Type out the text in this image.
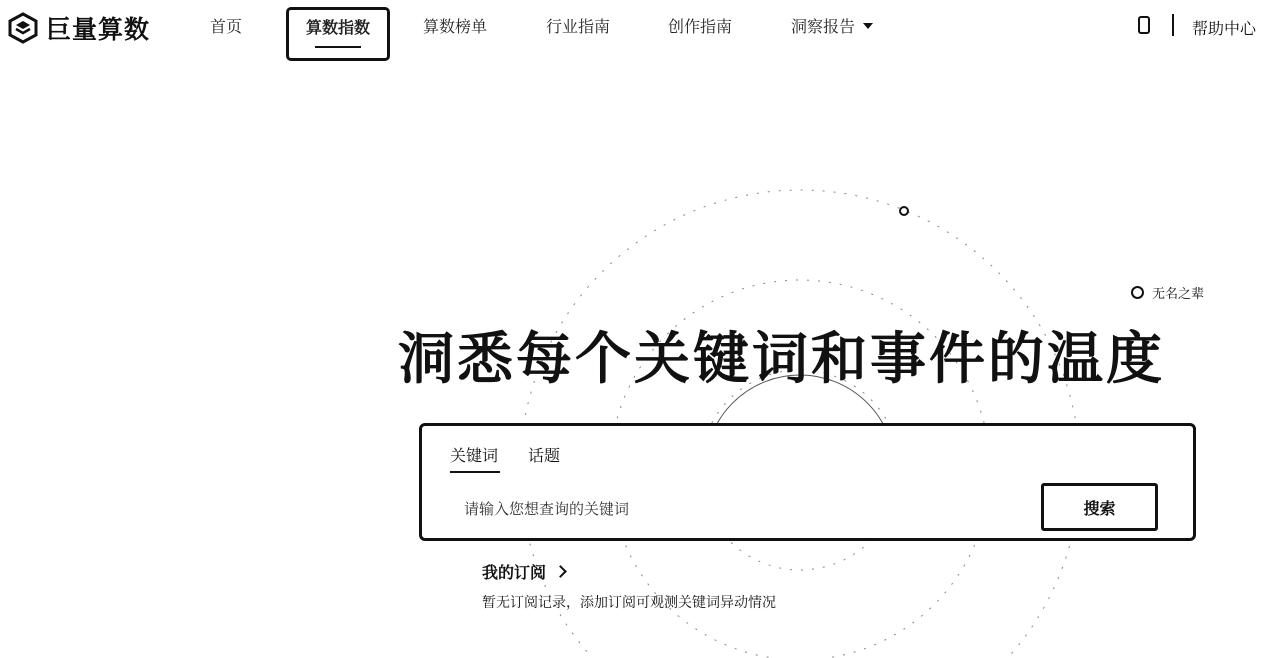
巨量算数	首页	算数指数	算数榜单	行业指南	创作指南	洞察报告	帮助中心
无名之辈
洞悉每个关键词和事件的温度
关键词 话题
请输入您想查询的关键词
搜索
我的订阅
暂无订阅记录，添加订阅可观测关键词异动情况
